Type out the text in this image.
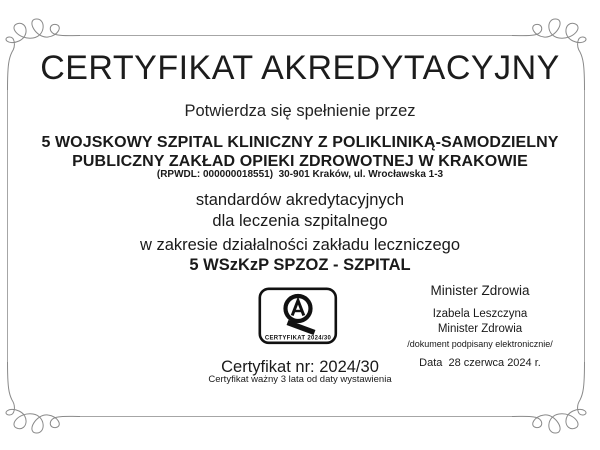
CERTYFIKAT AKREDYTACYJNY
Potwierdza się spełnienie przez
5 WOJSKOWY SZPITAL KLINICZNY Z POLIKLINIKĄ-SAMODZIELNY
PUBLICZNY ZAKŁAD OPIEKI ZDROWOTNEJ W KRAKOWIE
(RPWDL: 000000018551)  30-901 Kraków, ul. Wrocławska 1-3
standardów akredytacyjnych
dla leczenia szpitalnego
w zakresie działalności zakładu leczniczego
5 WSzKzP SPZOZ - SZPITAL
CERTYFIKAT 2024/30
Minister Zdrowia
Izabela Leszczyna
Minister Zdrowia
/dokument podpisany elektronicznie/
Data  28 czerwca 2024 r.
Certyfikat nr: 2024/30
Certyfikat ważny 3 lata od daty wystawienia
